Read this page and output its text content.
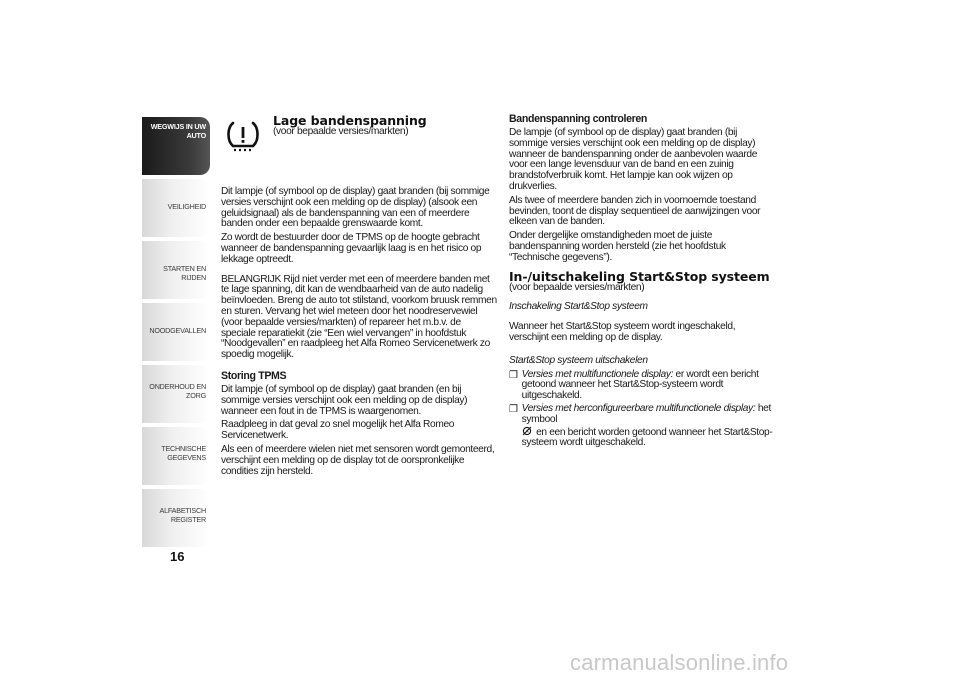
WEGWIJS IN UW
AUTO
VEILIGHEID
STARTEN EN RIJDEN
NOODGEVALLEN
ONDERHOUD EN
ZORG
TECHNISCHE
GEGEVENS
ALFABETISCH
REGISTER
16
Lage bandenspanning
(voor bepaalde versies/markten)

Dit lampje (of symbool op de display) gaat branden (bij sommige versies verschijnt ook een melding op de display) (alsook een geluidsignaal) als de bandenspanning van een of meerdere banden onder een bepaalde grenswaarde komt.

Zo wordt de bestuurder door de TPMS op de hoogte gebracht wanneer de bandenspanning gevaarlijk laag is en het risico op lekkage optreedt.

BELANGRIJK Rijd niet verder met een of meerdere banden met te lage spanning, dit kan de wendbaarheid van de auto nadelig beïnvloeden. Breng de auto tot stilstand, voorkom bruusk remmen en sturen. Vervang het wiel meteen door het noodreservewiel (voor bepaalde versies/markten) of repareer het m.b.v. de speciale reparatiekit (zie “Een wiel vervangen” in hoofdstuk “Noodgevallen” en raadpleeg het Alfa Romeo Servicenetwerk zo spoedig mogelijk.

Storing TPMS

Dit lampje (of symbool op de display) gaat branden (en bij sommige versies verschijnt ook een melding op de display) wanneer een fout in de TPMS is waargenomen.

Raadpleeg in dat geval zo snel mogelijk het Alfa Romeo Servicenetwerk.

Als een of meerdere wielen niet met sensoren wordt gemonteerd, verschijnt een melding op de display tot de oorspronkelijke condities zijn hersteld.

Bandenspanning controleren

De lampje (of symbool op de display) gaat branden (bij sommige versies verschijnt ook een melding op de display) wanneer de bandenspanning onder de aanbevolen waarde voor een lange levensduur van de band en een zuinig brandstofverbruik komt. Het lampje kan ook wijzen op drukverlies.

Als twee of meerdere banden zich in voornoemde toestand bevinden, toont de display sequentieel de aanwijzingen voor elkeen van de banden.

Onder dergelijke omstandigheden moet de juiste bandenspanning worden hersteld (zie het hoofdstuk “Technische gegevens”).

In-/uitschakeling Start&Stop systeem

(voor bepaalde versies/markten)

Inschakeling Start&Stop systeem

Wanneer het Start&Stop systeem wordt ingeschakeld, verschijnt een melding op de display.

Start&Stop systeem uitschakelen

❒ Versies met multifunctionele display: er wordt een bericht getoond wanneer het Start&Stop-systeem wordt uitgeschakeld.
❒ Versies met herconfigureerbare multifunctionele display: het symbool

en een bericht worden getoond wanneer het Start&Stop-systeem wordt uitgeschakeld.
carmanualsonline.info
